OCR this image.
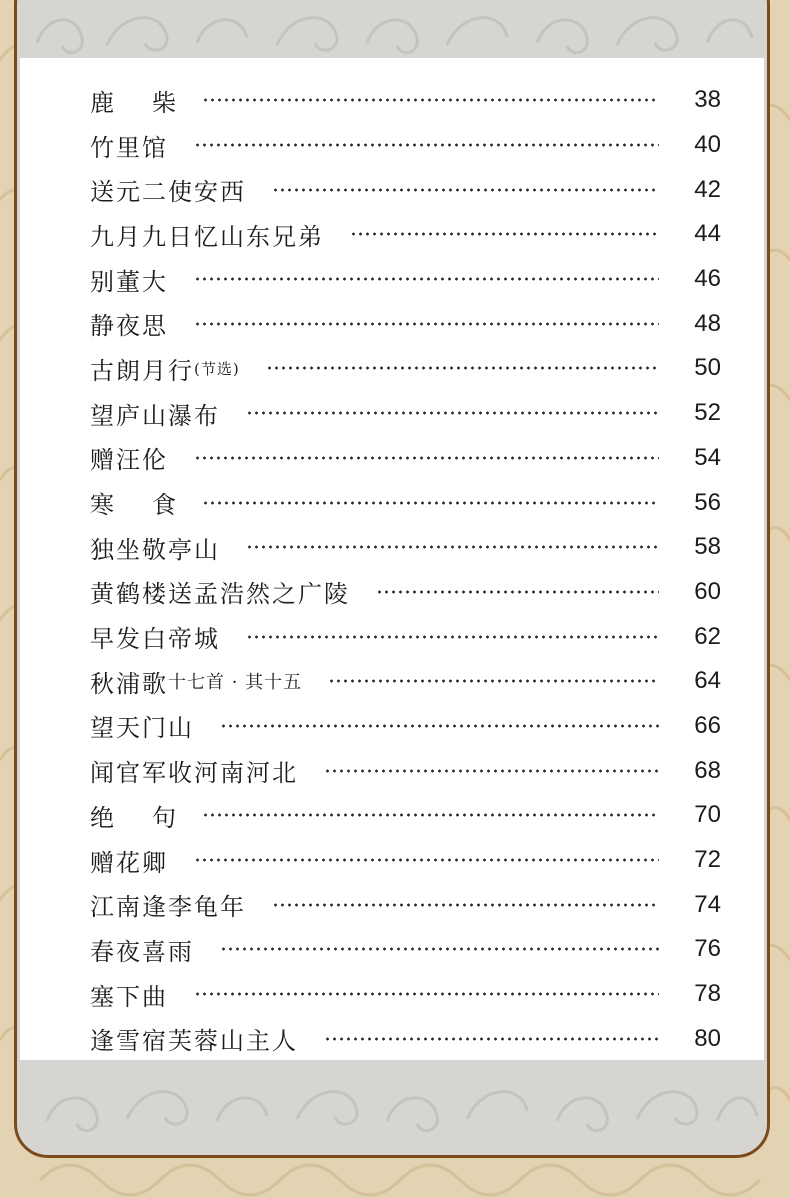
鹿柴	38
竹里馆	40
送元二使安西	42
九月九日忆山东兄弟	44
别董大	46
静夜思	48
古朗月行 (节选)	50
望庐山瀑布	52
赠汪伦	54
寒食	56
独坐敬亭山	58
黄鹤楼送孟浩然之广陵	60
早发白帝城	62
秋浦歌 十七首 · 其十五	64
望天门山	66
闻官军收河南河北	68
绝句	70
赠花卿	72
江南逢李龟年	74
春夜喜雨	76
塞下曲	78
逢雪宿芙蓉山主人	80
